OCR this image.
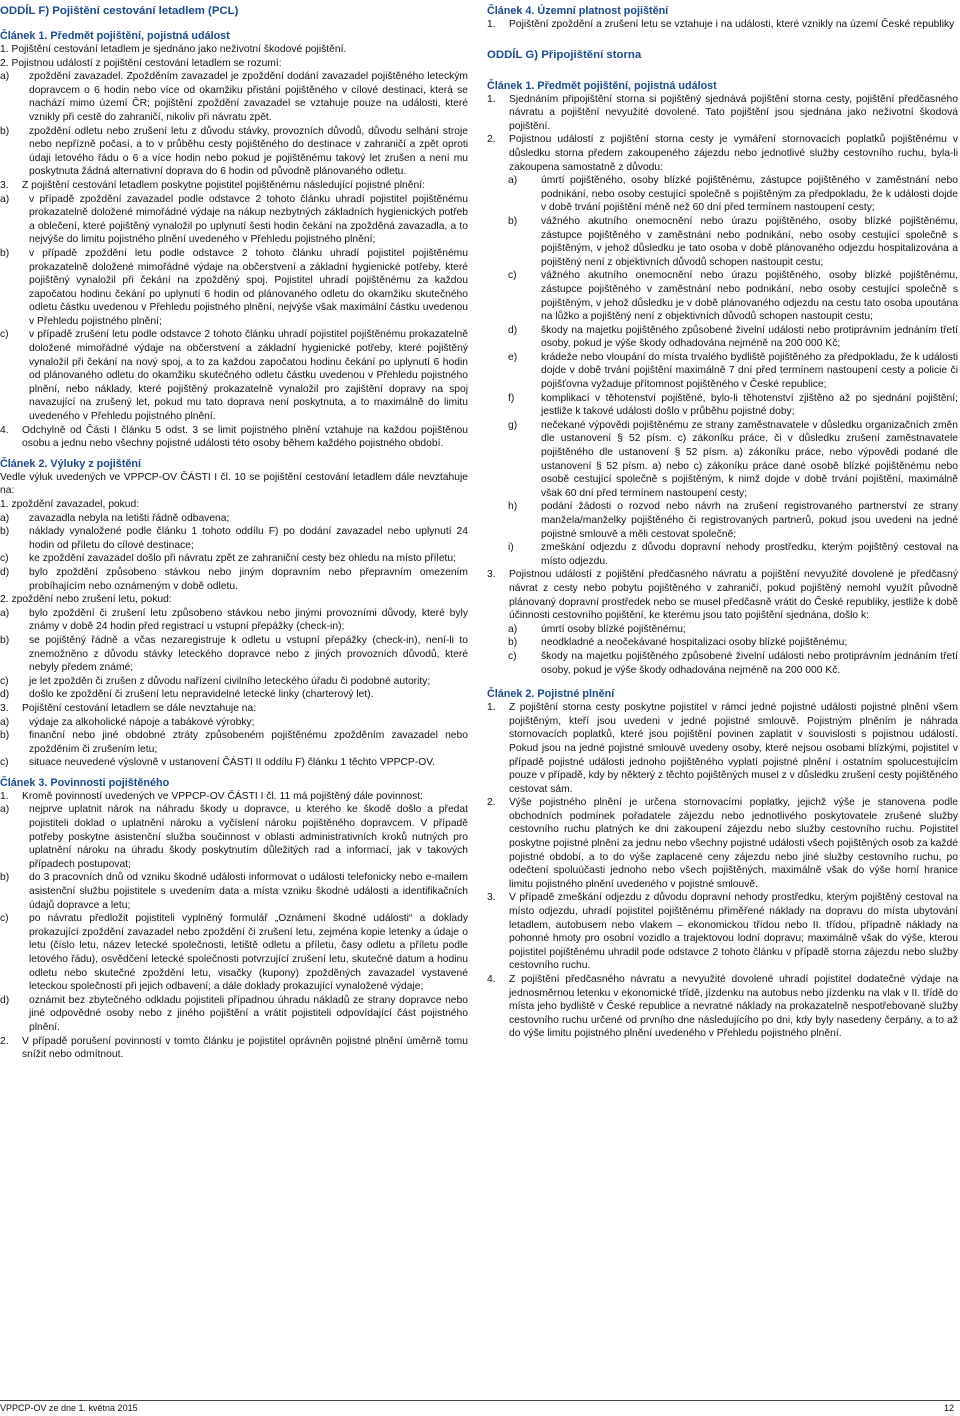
ODDÍL F) Pojištění cestování letadlem (PCL)

Článek 1. Předmět pojištění, pojistná událost

1. Pojištění cestování letadlem je sjednáno jako neživotní škodové pojištění.

2. Pojistnou událostí z pojištění cestování letadlem se rozumí:

a)	zpoždění zavazadel. Zpožděním zavazadel je zpoždění dodání zavazadel pojištěného leteckým dopravcem o 6 hodin nebo více od okamžiku přistání pojištěného v cílové destinaci, která se nachází mimo území ČR; pojištění zpoždění zavazadel se vztahuje pouze na události, které vznikly při cestě do zahraničí, nikoliv při návratu zpět.
b)	zpoždění odletu nebo zrušení letu z důvodu stávky, provozních důvodů, důvodu selhání stroje nebo nepřízně počasí, a to v průběhu cesty pojištěného do destinace v zahraničí a zpět oproti údaji letového řádu o 6 a více hodin nebo pokud je pojištěnému takový let zrušen a není mu poskytnuta žádná alternativní doprava do 6 hodin od původně plánovaného odletu.
3.	Z pojištění cestování letadlem poskytne pojistitel pojištěnému následující pojistné plnění:
a)	v případě zpoždění zavazadel podle odstavce 2 tohoto článku uhradí pojistitel pojištěnému prokazatelně doložené mimořádné výdaje na nákup nezbytných základních hygienických potřeb a oblečení, které pojištěný vynaložil po uplynutí šesti hodin čekání na zpožděná zavazadla, a to nejvýše do limitu pojistného plnění uvedeného v Přehledu pojistného plnění;
b)	v případě zpoždění letu podle odstavce 2 tohoto článku uhradí pojistitel pojištěnému prokazatelně doložené mimořádné výdaje na občerstvení a základní hygienické potřeby, které pojištěný vynaložil při čekání na zpožděný spoj. Pojistitel uhradí pojištěnému za každou započatou hodinu čekání po uplynutí 6 hodin od plánovaného odletu do okamžiku skutečného odletu částku uvedenou v Přehledu pojistného plnění, nejvýše však maximální částku uvedenou v Přehledu pojistného plnění;
c)	v případě zrušení letu podle odstavce 2 tohoto článku uhradí pojistitel pojištěnému prokazatelně doložené mimořádné výdaje na občerstvení a základní hygienické potřeby, které pojištěný vynaložil při čekání na nový spoj, a to za každou započatou hodinu čekání po uplynutí 6 hodin od plánovaného odletu do okamžiku skutečného odletu částku uvedenou v Přehledu pojistného plnění, nebo náklady, které pojištěný prokazatelně vynaložil pro zajištění dopravy na spoj navazující na zrušený let, pokud mu tato doprava není poskytnuta, a to maximálně do limitu uvedeného v Přehledu pojistného plnění.
4.	Odchylně od Části I článku 5 odst. 3 se limit pojistného plnění vztahuje na každou pojištěnou osobu a jednu nebo všechny pojistné události této osoby během každého pojistného období.

Článek 2. Výluky z pojištění

Vedle výluk uvedených ve VPPCP-OV ČÁSTI I čl. 10 se pojištění cestování letadlem dále nevztahuje na:

1. zpoždění zavazadel, pokud:

a)	zavazadla nebyla na letišti řádně odbavena;
b)	náklady vynaložené podle článku 1 tohoto oddílu F) po dodání zavazadel nebo uplynutí 24 hodin od příletu do cílové destinace;
c)	ke zpoždění zavazadel došlo při návratu zpět ze zahraniční cesty bez ohledu na místo příletu;
d)	bylo zpoždění způsobeno stávkou nebo jiným dopravním nebo přepravním omezením probíhajícím nebo oznámeným v době odletu.

2. zpoždění nebo zrušení letu, pokud:

a)	bylo zpoždění či zrušení letu způsobeno stávkou nebo jinými provozními důvody, které byly známy v době 24 hodin před registrací u vstupní přepážky (check-in);
b)	se pojištěný řádně a včas nezaregistruje k odletu u vstupní přepážky (check-in), není-li to znemožněno z důvodu stávky leteckého dopravce nebo z jiných provozních důvodů, které nebyly předem známé;
c)	je let zpožděn či zrušen z důvodu nařízení civilního leteckého úřadu či podobné autority;
d)	došlo ke zpoždění či zrušení letu nepravidelné letecké linky (charterový let).
3.	Pojištění cestování letadlem se dále nevztahuje na:
a)	výdaje za alkoholické nápoje a tabákové výrobky;
b)	finanční nebo jiné obdobné ztráty způsobeném pojištěnému zpožděním zavazadel nebo zpožděním či zrušením letu;
c)	situace neuvedené výslovně v ustanovení ČÁSTI II oddílu F) článku 1 těchto VPPCP-OV.

Článek 3. Povinnosti pojištěného

1.	Kromě povinností uvedených ve VPPCP-OV ČÁSTI I čl. 11 má pojištěný dále povinnost:
a)	nejprve uplatnit nárok na náhradu škody u dopravce, u kterého ke škodě došlo a předat pojistiteli doklad o uplatnění nároku a vyčíslení nároku pojištěného dopravcem. V případě potřeby poskytne asistenční služba součinnost v oblasti administrativních kroků nutných pro uplatnění nároku na úhradu škody poskytnutím důležitých rad a informací, jak v takových případech postupovat;
b)	do 3 pracovních dnů od vzniku škodné události informovat o události telefonicky nebo e-mailem asistenční službu pojistitele s uvedením data a místa vzniku škodné události a identifikačních údajů dopravce a letu;
c)	po návratu předložit pojistiteli vyplněný formulář „Oznámení škodné události“ a doklady prokazující zpoždění zavazadel nebo zpoždění či zrušení letu, zejména kopie letenky a údaje o letu (číslo letu, název letecké společnosti, letiště odletu a příletu, časy odletu a příletu podle letového řádu), osvědčení letecké společnosti potvrzující zrušení letu, skutečné datum a hodinu odletu nebo skutečné zpoždění letu, visačky (kupony) zpožděných zavazadel vystavené leteckou společností při jejich odbavení; a dále doklady prokazující vynaložené výdaje;
d)	oznámit bez zbytečného odkladu pojistiteli případnou úhradu nákladů ze strany dopravce nebo jiné odpovědné osoby nebo z jiného pojištění a vrátit pojistiteli odpovídající část pojistného plnění.
2.	V případě porušení povinností v tomto článku je pojistitel oprávněn pojistné plnění úměrně tomu snížit nebo odmítnout.

Článek 4. Územní platnost pojištění

1.	Pojištění zpoždění a zrušení letu se vztahuje i na události, které vznikly na území České republiky

ODDÍL G) Připojištění storna

Článek 1. Předmět pojištění, pojistná událost

1.	Sjednáním připojištění storna si pojištěný sjednává pojištění storna cesty, pojištění předčasného návratu a pojištění nevyužité dovolené. Tato pojištění jsou sjednána jako neživotní škodová pojištění.
2.	Pojistnou událostí z pojištění storna cesty je vymáření stornovacích poplatků pojištěnému v důsledku storna předem zakoupeného zájezdu nebo jednotlivé služby cestovního ruchu, byla-li zakoupena samostatně z důvodu:
a)	úmrtí pojištěného, osoby blízké pojištěnému, zástupce pojištěného v zaměstnání nebo podnikání, nebo osoby cestující společně s pojištěným za předpokladu, že k události dojde v době trvání pojištění méně než 60 dní před termínem nastoupení cesty;
b)	vážného akutního onemocnění nebo úrazu pojištěného, osoby blízké pojištěnému, zástupce pojištěného v zaměstnání nebo podnikání, nebo osoby cestující společně s pojištěným, v jehož důsledku je tato osoba v době plánovaného odjezdu hospitalizována a pojištěný není z objektivních důvodů schopen nastoupit cestu;
c)	vážného akutního onemocnění nebo úrazu pojištěného, osoby blízké pojištěnému, zástupce pojištěného v zaměstnání nebo podnikání, nebo osoby cestující společně s pojištěným, v jehož důsledku je v době plánovaného odjezdu na cestu tato osoba upoutána na lůžko a pojištěný není z objektivních důvodů schopen nastoupit cestu;
d)	škody na majetku pojištěného způsobené živelní události nebo protiprávním jednáním třetí osoby, pokud je výše škody odhadována nejméně na 200 000 Kč;
e)	krádeže nebo vloupání do místa trvalého bydliště pojištěného za předpokladu, že k události dojde v době trvání pojištění maximálně 7 dní před termínem nastoupení cesty a policie či pojišťovna vyžaduje přítomnost pojištěného v České republice;
f)	komplikací v těhotenství pojištěné, bylo-li těhotenství zjištěno až po sjednání pojištění; jestliže k takové události došlo v průběhu pojistné doby;
g)	nečekané výpovědi pojištěnému ze strany zaměstnavatele v důsledku organizačních změn dle ustanovení § 52 písm. c) zákoníku práce, či v důsledku zrušení zaměstnavatele pojištěného dle ustanovení § 52 písm. a) zákoníku práce, nebo výpovědi podané dle ustanovení § 52 písm. a) nebo c) zákoníku práce dané osobě blízké pojištěnému nebo osobě cestující společně s pojištěným, k nimž dojde v době trvání pojištění, maximálně však 60 dní před termínem nastoupení cesty;
h)	podání žádosti o rozvod nebo návrh na zrušení registrovaného partnerství ze strany manžela/manželky pojištěného či registrovaných partnerů, pokud jsou uvedeni na jedné pojistné smlouvě a měli cestovat společně;
i)	zmeškání odjezdu z důvodu dopravní nehody prostředku, kterým pojištěný cestoval na místo odjezdu.
3.	Pojistnou událostí z pojištění předčasného návratu a pojištění nevyužité dovolené je předčasný návrat z cesty nebo pobytu pojištěného v zahraničí, pokud pojištěný nemohl využít původně plánovaný dopravní prostředek nebo se musel předčasně vrátit do České republiky, jestliže k době účinnosti cestovního pojištění, ke kterému jsou tato pojištění sjednána, došlo k:
a)	úmrtí osoby blízké pojištěnému;
b)	neodkladné a neočekávané hospitalizaci osoby blízké pojištěnému;
c)	škody na majetku pojištěného způsobené živelní události nebo protiprávním jednáním třetí osoby, pokud je výše škody odhadována nejméně na 200 000 Kč.

Článek 2. Pojistné plnění

1.	Z pojištění storna cesty poskytne pojistitel v rámci jedné pojistné události pojistné plnění všem pojištěným, kteří jsou uvedeni v jedné pojistné smlouvě. Pojistným plněním je náhrada stornovacích poplatků, které jsou pojištění povinen zaplatit v souvislosti s pojistnou událostí. Pokud jsou na jedné pojistné smlouvě uvedeny osoby, které nejsou osobami blízkými, pojistitel v případě pojistné události jednoho pojištěného vyplatí pojistné plnění i ostatním spolucestujícím pouze v případě, kdy by některý z těchto pojištěných musel z v důsledku zrušení cesty pojištěného cestovat sám.
2.	Výše pojistného plnění je určena stornovacími poplatky, jejichž výše je stanovena podle obchodních podmínek pořadatele zájezdu nebo jednotlivého poskytovatele zrušené služby cestovního ruchu platných ke dni zakoupení zájezdu nebo služby cestovního ruchu. Pojistitel poskytne pojistné plnění za jednu nebo všechny pojistné události všech pojištěných osob za každé pojistné období, a to do výše zaplacené ceny zájezdu nebo jiné služby cestovního ruchu, po odečtení spoluúčasti jednoho nebo všech pojištěných, maximálně však do výše horní hranice limitu pojistného plnění uvedeného v pojistné smlouvě.
3.	V případě zmeškání odjezdu z důvodu dopravní nehody prostředku, kterým pojištěný cestoval na místo odjezdu, uhradí pojistitel pojištěnému přiměřené náklady na dopravu do místa ubytování letadlem, autobusem nebo vlakem – ekonomickou třídou nebo II. třídou, případně náklady na pohonné hmoty pro osobní vozidlo a trajektovou lodní dopravu; maximálně však do výše, kterou pojistitel pojištěnému uhradil pode odstavce 2 tohoto článku v případě storna zájezdu nebo služby cestovního ruchu.
4.	Z pojištění předčasného návratu a nevyužité dovolené uhradí pojistitel dodatečné výdaje na jednosměrnou letenku v ekonomické třídě, jízdenku na autobus nebo jízdenku na vlak v II. třídě do místa jeho bydliště v České republice a nevratné náklady na prokazatelně nespotřebované služby cestovního ruchu určené od prvního dne následujícího po dni, kdy byly nasedeny čerpány, a to až do výše limitu pojistného plnění uvedeného v Přehledu pojistného plnění.
VPPCP-OV ze dne 1. května 2015	12
